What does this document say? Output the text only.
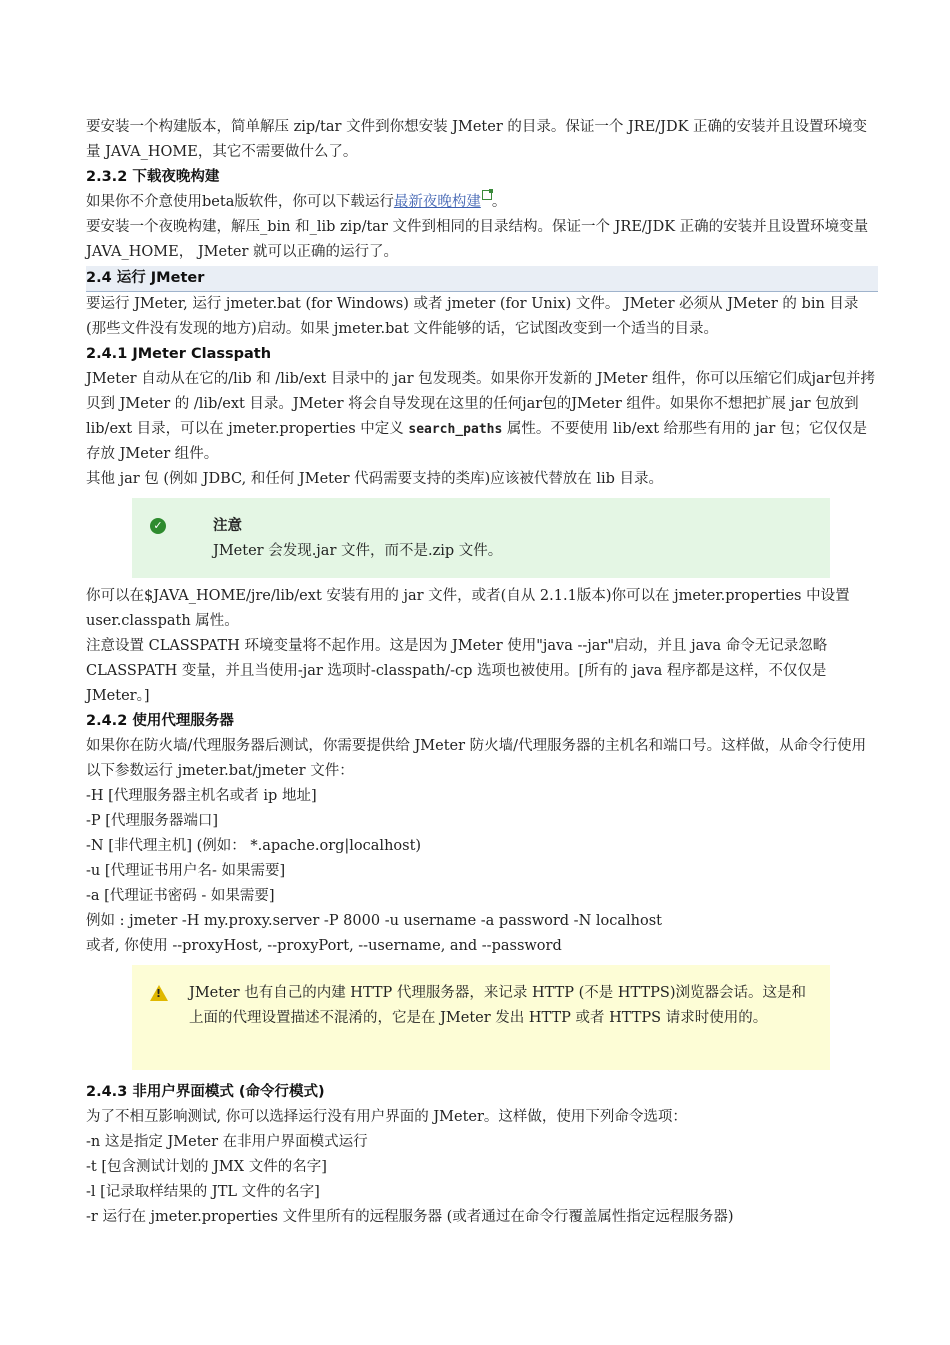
要安装一个构建版本，简单解压 zip/tar 文件到你想安装 JMeter 的目录。保证一个 JRE/JDK 正确的安装并且设置环境变量 JAVA_HOME，其它不需要做什么了。

2.3.2 下载夜晚构建

如果你不介意使用beta版软件，你可以下载运行最新夜晚构建 。

要安装一个夜晚构建，解压_bin 和_lib zip/tar 文件到相同的目录结构。保证一个 JRE/JDK 正确的安装并且设置环境变量 JAVA_HOME， JMeter 就可以正确的运行了。

2.4 运行 JMeter

要运行 JMeter, 运行 jmeter.bat (for Windows) 或者 jmeter (for Unix) 文件。 JMeter 必须从 JMeter 的 bin 目录 (那些文件没有发现的地方)启动。如果 jmeter.bat 文件能够的话，它试图改变到一个适当的目录。

2.4.1 JMeter Classpath

JMeter 自动从在它的/lib 和 /lib/ext 目录中的 jar 包发现类。如果你开发新的 JMeter 组件，你可以压缩它们成jar包并拷贝到 JMeter 的 /lib/ext 目录。JMeter 将会自导发现在这里的任何jar包的JMeter 组件。如果你不想把扩展 jar 包放到 lib/ext 目录，可以在 jmeter.properties 中定义 search_paths 属性。不要使用 lib/ext 给那些有用的 jar 包；它仅仅是存放 JMeter 组件。

其他 jar 包 (例如 JDBC, 和任何 JMeter 代码需要支持的类库)应该被代替放在 lib 目录。

✓	注意
JMeter 会发现.jar 文件，而不是.zip 文件。

你可以在$JAVA_HOME/jre/lib/ext 安装有用的 jar 文件，或者(自从 2.1.1版本)你可以在 jmeter.properties 中设置 user.classpath 属性。

注意设置 CLASSPATH 环境变量将不起作用。这是因为 JMeter 使用"java --jar"启动，并且 java 命令无记录忽略 CLASSPATH 变量，并且当使用-jar 选项时-classpath/-cp 选项也被使用。[所有的 java 程序都是这样，不仅仅是 JMeter。]

2.4.2 使用代理服务器

如果你在防火墙/代理服务器后测试，你需要提供给 JMeter 防火墙/代理服务器的主机名和端口号。这样做，从命令行使用以下参数运行 jmeter.bat/jmeter 文件：

-H [代理服务器主机名或者 ip 地址]

-P [代理服务器端口]

-N [非代理主机] (例如： *.apache.org|localhost)

-u [代理证书用户名- 如果需要]

-a [代理证书密码 - 如果需要]

例如 : jmeter -H my.proxy.server -P 8000 -u username -a password -N localhost

或者, 你使用 --proxyHost, --proxyPort, --username, and --password

! JMeter 也有自己的内建 HTTP 代理服务器，来记录 HTTP (不是 HTTPS)浏览器会话。这是和上面的代理设置描述不混淆的，它是在 JMeter 发出 HTTP 或者 HTTPS 请求时使用的。

2.4.3 非用户界面模式 (命令行模式)

为了不相互影响测试, 你可以选择运行没有用户界面的 JMeter。这样做，使用下列命令选项：

-n 这是指定 JMeter 在非用户界面模式运行

-t [包含测试计划的 JMX 文件的名字]

-l [记录取样结果的 JTL 文件的名字]

-r 运行在 jmeter.properties 文件里所有的远程服务器 (或者通过在命令行覆盖属性指定远程服务器)
